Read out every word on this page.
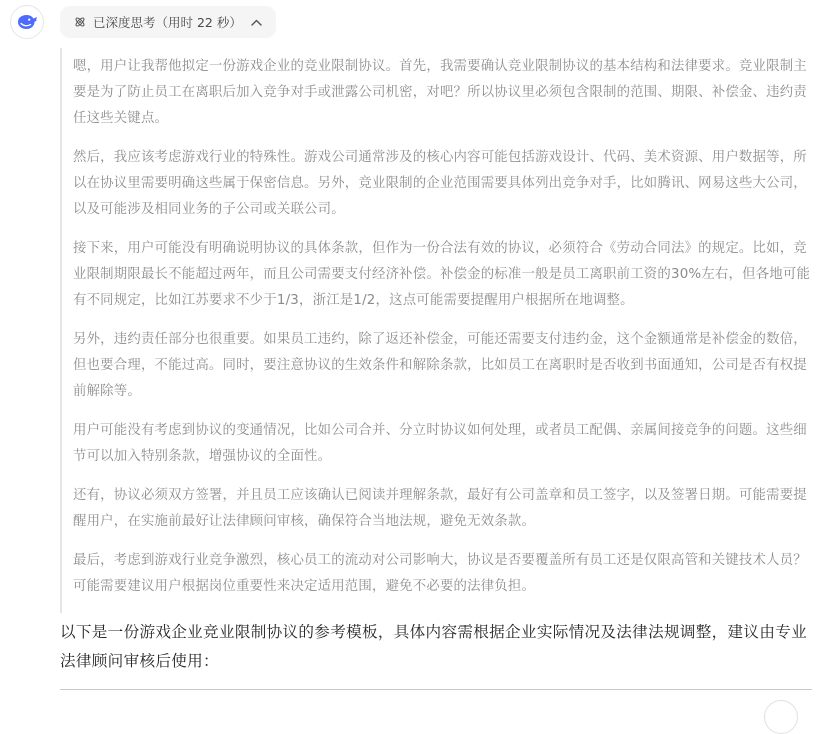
已深度思考（用时 22 秒）

嗯，用户让我帮他拟定一份游戏企业的竞业限制协议。首先，我需要确认竞业限制协议的基本结构和法律要求。竞业限制主要是为了防止员工在离职后加入竞争对手或泄露公司机密，对吧？所以协议里必须包含限制的范围、期限、补偿金、违约责任这些关键点。

然后，我应该考虑游戏行业的特殊性。游戏公司通常涉及的核心内容可能包括游戏设计、代码、美术资源、用户数据等，所以在协议里需要明确这些属于保密信息。另外，竞业限制的企业范围需要具体列出竞争对手，比如腾讯、网易这些大公司，以及可能涉及相同业务的子公司或关联公司。

接下来，用户可能没有明确说明协议的具体条款，但作为一份合法有效的协议，必须符合《劳动合同法》的规定。比如，竞业限制期限最长不能超过两年，而且公司需要支付经济补偿。补偿金的标准一般是员工离职前工资的30%左右，但各地可能有不同规定，比如江苏要求不少于1/3，浙江是1/2，这点可能需要提醒用户根据所在地调整。

另外，违约责任部分也很重要。如果员工违约，除了返还补偿金，可能还需要支付违约金，这个金额通常是补偿金的数倍，但也要合理，不能过高。同时，要注意协议的生效条件和解除条款，比如员工在离职时是否收到书面通知，公司是否有权提前解除等。

用户可能没有考虑到协议的变通情况，比如公司合并、分立时协议如何处理，或者员工配偶、亲属间接竞争的问题。这些细节可以加入特别条款，增强协议的全面性。

还有，协议必须双方签署，并且员工应该确认已阅读并理解条款，最好有公司盖章和员工签字，以及签署日期。可能需要提醒用户，在实施前最好让法律顾问审核，确保符合当地法规，避免无效条款。

最后，考虑到游戏行业竞争激烈，核心员工的流动对公司影响大，协议是否要覆盖所有员工还是仅限高管和关键技术人员？可能需要建议用户根据岗位重要性来决定适用范围，避免不必要的法律负担。

以下是一份游戏企业竞业限制协议的参考模板，具体内容需根据企业实际情况及法律法规调整，建议由专业法律顾问审核后使用：
